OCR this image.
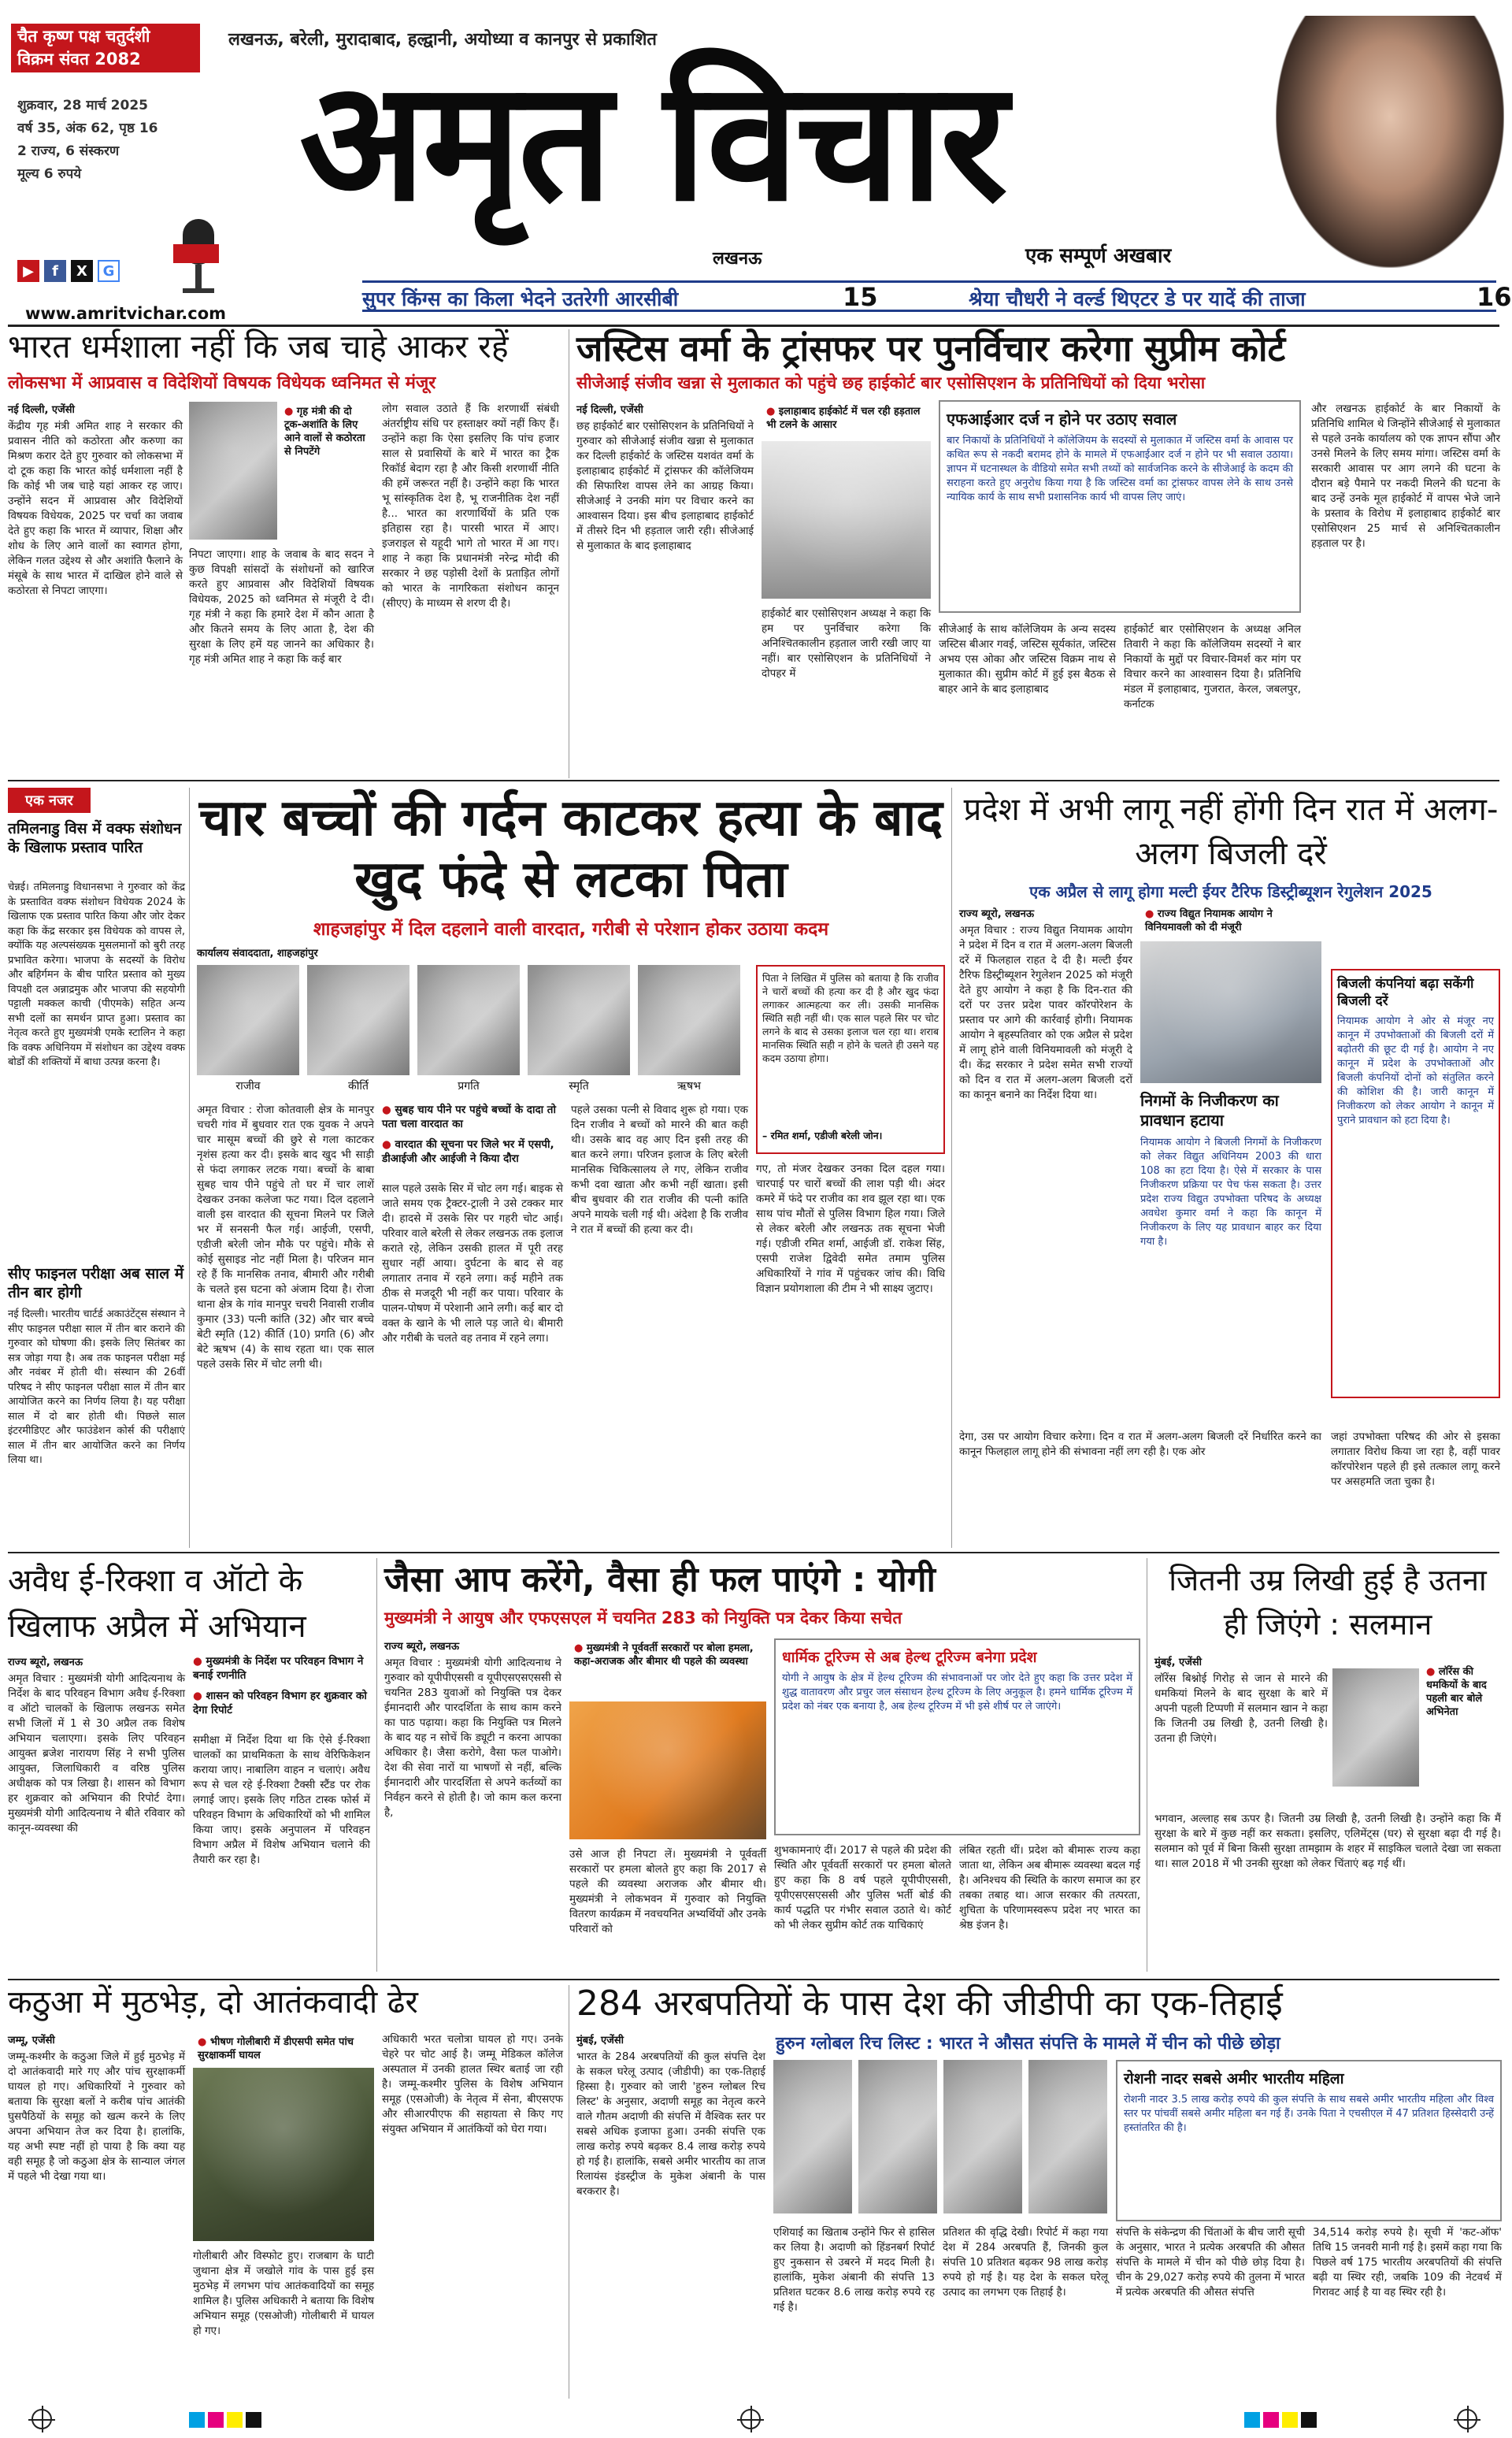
चैत कृष्ण पक्ष चतुर्दशी
विक्रम संवत 2082
शुक्रवार, 28 मार्च 2025
वर्ष 35, अंक 62, पृष्ठ 16
2 राज्य, 6 संस्करण
मूल्य 6 रुपये
▶	f	X	G
www.amritvichar.com
लखनऊ, बरेली, मुरादाबाद, हल्द्वानी, अयोध्या व कानपुर से प्रकाशित
अमृत विचार
लखनऊ	एक सम्पूर्ण अखबार
सुपर किंग्स का किला भेदने उतरेगी आरसीबी	15	श्रेया चौधरी ने वर्ल्ड थिएटर डे पर यादें की ताजा	16
भारत धर्मशाला नहीं कि जब चाहे आकर रहें
लोकसभा में आप्रवास व विदेशियों विषयक विधेयक ध्वनिमत से मंजूर
नई दिल्ली, एजेंसी
केंद्रीय गृह मंत्री अमित शाह ने सरकार की प्रवासन नीति को कठोरता और करुणा का मिश्रण करार देते हुए गुरुवार को लोकसभा में दो टूक कहा कि भारत कोई धर्मशाला नहीं है कि कोई भी जब चाहे यहां आकर रह जाए। उन्होंने सदन में आप्रवास और विदेशियों विषयक विधेयक, 2025 पर चर्चा का जवाब देते हुए कहा कि भारत में व्यापार, शिक्षा और शोध के लिए आने वालों का स्वागत होगा, लेकिन गलत उद्देश्य से और अशांति फैलाने के मंसूबे के साथ भारत में दाखिल होने वाले से कठोरता से निपटा जाएगा।
● गृह मंत्री की दो टूक-अशांति के लिए आने वालों से कठोरता से निपटेंगे
निपटा जाएगा। शाह के जवाब के बाद सदन ने कुछ विपक्षी सांसदों के संशोधनों को खारिज करते हुए आप्रवास और विदेशियों विषयक विधेयक, 2025 को ध्वनिमत से मंजूरी दे दी। गृह मंत्री ने कहा कि हमारे देश में कौन आता है और कितने समय के लिए आता है, देश की सुरक्षा के लिए हमें यह जानने का अधिकार है। गृह मंत्री अमित शाह ने कहा कि कई बार
लोग सवाल उठाते हैं कि शरणार्थी संबंधी अंतर्राष्ट्रीय संधि पर हस्ताक्षर क्यों नहीं किए हैं। उन्होंने कहा कि ऐसा इसलिए कि पांच हजार साल से प्रवासियों के बारे में भारत का ट्रैक रिकॉर्ड बेदाग रहा है और किसी शरणार्थी नीति की हमें जरूरत नहीं है। उन्होंने कहा कि भारत भू सांस्कृतिक देश है, भू राजनीतिक देश नहीं है... भारत का शरणार्थियों के प्रति एक इतिहास रहा है। पारसी भारत में आए। इजराइल से यहूदी भागे तो भारत में आ गए। शाह ने कहा कि प्रधानमंत्री नरेन्द्र मोदी की सरकार ने छह पड़ोसी देशों के प्रताड़ित लोगों को भारत के नागरिकता संशोधन कानून (सीएए) के माध्यम से शरण दी है।
जस्टिस वर्मा के ट्रांसफर पर पुनर्विचार करेगा सुप्रीम कोर्ट
सीजेआई संजीव खन्ना से मुलाकात को पहुंचे छह हाईकोर्ट बार एसोसिएशन के प्रतिनिधियों को दिया भरोसा
नई दिल्ली, एजेंसी
छह हाईकोर्ट बार एसोसिएशन के प्रतिनिधियों ने गुरुवार को सीजेआई संजीव खन्ना से मुलाकात कर दिल्ली हाईकोर्ट के जस्टिस यशवंत वर्मा के इलाहाबाद हाईकोर्ट में ट्रांसफर की कॉलेजियम की सिफारिश वापस लेने का आग्रह किया। सीजेआई ने उनकी मांग पर विचार करने का आश्वासन दिया। इस बीच इलाहाबाद हाईकोर्ट में तीसरे दिन भी हड़ताल जारी रही। सीजेआई से मुलाकात के बाद इलाहाबाद
● इलाहाबाद हाईकोर्ट में चल रही हड़ताल भी टलने के आसार
हाईकोर्ट बार एसोसिएशन अध्यक्ष ने कहा कि हम पर पुनर्विचार करेगा कि अनिश्चितकालीन हड़ताल जारी रखी जाए या नहीं। बार एसोसिएशन के प्रतिनिधियों ने दोपहर में
एफआईआर दर्ज न होने पर उठाए सवाल
बार निकायों के प्रतिनिधियों ने कॉलेजियम के सदस्यों से मुलाकात में जस्टिस वर्मा के आवास पर कथित रूप से नकदी बरामद होने के मामले में एफआईआर दर्ज न होने पर भी सवाल उठाया। ज्ञापन में घटनास्थल के वीडियो समेत सभी तथ्यों को सार्वजनिक करने के सीजेआई के कदम की सराहना करते हुए अनुरोध किया गया है कि जस्टिस वर्मा का ट्रांसफर वापस लेने के साथ उनसे न्यायिक कार्य के साथ सभी प्रशासनिक कार्य भी वापस लिए जाएं।
सीजेआई के साथ कॉलेजियम के अन्य सदस्य जस्टिस बीआर गवई, जस्टिस सूर्यकांत, जस्टिस अभय एस ओका और जस्टिस विक्रम नाथ से मुलाकात की। सुप्रीम कोर्ट में हुई इस बैठक से बाहर आने के बाद इलाहाबाद
हाईकोर्ट बार एसोसिएशन के अध्यक्ष अनिल तिवारी ने कहा कि कॉलेजियम सदस्यों ने बार निकायों के मुद्दों पर विचार-विमर्श कर मांग पर विचार करने का आश्वासन दिया है। प्रतिनिधि मंडल में इलाहाबाद, गुजरात, केरल, जबलपुर, कर्नाटक
और लखनऊ हाईकोर्ट के बार निकायों के प्रतिनिधि शामिल थे जिन्होंने सीजेआई से मुलाकात से पहले उनके कार्यालय को एक ज्ञापन सौंपा और उनसे मिलने के लिए समय मांगा। जस्टिस वर्मा के सरकारी आवास पर आग लगने की घटना के दौरान बड़े पैमाने पर नकदी मिलने की घटना के बाद उन्हें उनके मूल हाईकोर्ट में वापस भेजे जाने के प्रस्ताव के विरोध में इलाहाबाद हाईकोर्ट बार एसोसिएशन 25 मार्च से अनिश्चितकालीन हड़ताल पर है।
एक नजर
तमिलनाडु विस में वक्फ संशोधन के खिलाफ प्रस्ताव पारित
चेन्नई। तमिलनाडु विधानसभा ने गुरुवार को केंद्र के प्रस्तावित वक्फ संशोधन विधेयक 2024 के खिलाफ एक प्रस्ताव पारित किया और जोर देकर कहा कि केंद्र सरकार इस विधेयक को वापस ले, क्योंकि यह अल्पसंख्यक मुसलमानों को बुरी तरह प्रभावित करेगा। भाजपा के सदस्यों के विरोध और बहिर्गमन के बीच पारित प्रस्ताव को मुख्य विपक्षी दल अन्नाद्रमुक और भाजपा की सहयोगी पट्टाली मक्कल काची (पीएमके) सहित अन्य सभी दलों का समर्थन प्राप्त हुआ। प्रस्ताव का नेतृत्व करते हुए मुख्यमंत्री एमके स्टालिन ने कहा कि वक्फ अधिनियम में संशोधन का उद्देश्य वक्फ बोर्डों की शक्तियों में बाधा उत्पन्न करना है।
सीए फाइनल परीक्षा अब साल में तीन बार होगी
नई दिल्ली। भारतीय चार्टर्ड अकाउंटेंट्स संस्थान ने सीए फाइनल परीक्षा साल में तीन बार कराने की गुरुवार को घोषणा की। इसके लिए सितंबर का सत्र जोड़ा गया है। अब तक फाइनल परीक्षा मई और नवंबर में होती थी। संस्थान की 26वीं परिषद ने सीए फाइनल परीक्षा साल में तीन बार आयोजित करने का निर्णय लिया है। यह परीक्षा साल में दो बार होती थी। पिछले साल इंटरमीडिएट और फाउंडेशन कोर्स की परीक्षाएं साल में तीन बार आयोजित करने का निर्णय लिया था।
चार बच्चों की गर्दन काटकर हत्या के बाद खुद फंदे से लटका पिता
शाहजहांपुर में दिल दहलाने वाली वारदात, गरीबी से परेशान होकर उठाया कदम
कार्यालय संवाददाता, शाहजहांपुर
राजीव	कीर्ति	प्रगति	स्मृति	ऋषभ
पिता ने लिखित में पुलिस को बताया है कि राजीव ने चारों बच्चों की हत्या कर दी है और खुद फंदा लगाकर आत्महत्या कर ली। उसकी मानसिक स्थिति सही नहीं थी। एक साल पहले सिर पर चोट लगने के बाद से उसका इलाज चल रहा था। शराब मानसिक स्थिति सही न होने के चलते ही उसने यह कदम उठाया होगा।
– रमित शर्मा, एडीजी बरेली जोन।
अमृत विचार : रोजा कोतवाली क्षेत्र के मानपुर चचरी गांव में बुधवार रात एक युवक ने अपने चार मासूम बच्चों की छुरे से गला काटकर नृशंस हत्या कर दी। इसके बाद खुद भी साड़ी से फंदा लगाकर लटक गया। बच्चों के बाबा सुबह चाय पीने पहुंचे तो घर में चार लाशें देखकर उनका कलेजा फट गया। दिल दहलाने वाली इस वारदात की सूचना मिलने पर जिले भर में सनसनी फैल गई। आईजी, एसपी, एडीजी बरेली जोन मौके पर पहुंचे। मौके से कोई सुसाइड नोट नहीं मिला है। परिजन मान रहे हैं कि मानसिक तनाव, बीमारी और गरीबी के चलते इस घटना को अंजाम दिया है। रोजा थाना क्षेत्र के गांव मानपुर चचरी निवासी राजीव कुमार (33) पत्नी कांति (32) और चार बच्चे बेटी स्मृति (12) कीर्ति (10) प्रगति (6) और बेटे ऋषभ (4) के साथ रहता था। एक साल पहले उसके सिर में चोट लगी थी।
● सुबह चाय पीने पर पहुंचे बच्चों के दादा तो पता चला वारदात का
● वारदात की सूचना पर जिले भर में एसपी, डीआईजी और आईजी ने किया दौरा
साल पहले उसके सिर में चोट लग गई। बाइक से जाते समय एक ट्रैक्टर-ट्राली ने उसे टक्कर मार दी। हादसे में उसके सिर पर गहरी चोट आई। परिवार वाले बरेली से लेकर लखनऊ तक इलाज कराते रहे, लेकिन उसकी हालत में पूरी तरह सुधार नहीं आया। दुर्घटना के बाद से वह लगातार तनाव में रहने लगा। कई महीने तक ठीक से मजदूरी भी नहीं कर पाया। परिवार के पालन-पोषण में परेशानी आने लगी। कई बार दो वक्त के खाने के भी लाले पड़ जाते थे। बीमारी और गरीबी के चलते वह तनाव में रहने लगा।
पहले उसका पत्नी से विवाद शुरू हो गया। एक दिन राजीव ने बच्चों को मारने की बात कही थी। उसके बाद वह आए दिन इसी तरह की बात करने लगा। परिजन इलाज के लिए बरेली मानसिक चिकित्सालय ले गए, लेकिन राजीव कभी दवा खाता और कभी नहीं खाता। इसी बीच बुधवार की रात राजीव की पत्नी कांति अपने मायके चली गई थी। अंदेशा है कि राजीव ने रात में बच्चों की हत्या कर दी।
गए, तो मंजर देखकर उनका दिल दहल गया। चारपाई पर चारों बच्चों की लाश पड़ी थी। अंदर कमरे में फंदे पर राजीव का शव झूल रहा था। एक साथ पांच मौतों से पुलिस विभाग हिल गया। जिले से लेकर बरेली और लखनऊ तक सूचना भेजी गई। एडीजी रमित शर्मा, आईजी डॉ. राकेश सिंह, एसपी राजेश द्विवेदी समेत तमाम पुलिस अधिकारियों ने गांव में पहुंचकर जांच की। विधि विज्ञान प्रयोगशाला की टीम ने भी साक्ष्य जुटाए।
प्रदेश में अभी लागू नहीं होंगी दिन रात में अलग-अलग बिजली दरें
एक अप्रैल से लागू होगा मल्टी ईयर टैरिफ डिस्ट्रीब्यूशन रेगुलेशन 2025
राज्य ब्यूरो, लखनऊ
अमृत विचार : राज्य विद्युत नियामक आयोग ने प्रदेश में दिन व रात में अलग-अलग बिजली दरें में फिलहाल राहत दे दी है। मल्टी ईयर टैरिफ डिस्ट्रीब्यूशन रेगुलेशन 2025 को मंजूरी देते हुए आयोग ने कहा है कि दिन-रात की दरों पर उत्तर प्रदेश पावर कॉरपोरेशन के प्रस्ताव पर आगे की कार्रवाई होगी। नियामक आयोग ने बृहस्पतिवार को एक अप्रैल से प्रदेश में लागू होने वाली विनियमावली को मंजूरी दे दी। केंद्र सरकार ने प्रदेश समेत सभी राज्यों को दिन व रात में अलग-अलग बिजली दरों का कानून बनाने का निर्देश दिया था।
● राज्य विद्युत नियामक आयोग ने विनियमावली को दी मंजूरी
निगमों के निजीकरण का प्रावधान हटाया
नियामक आयोग ने बिजली निगमों के निजीकरण को लेकर विद्युत अधिनियम 2003 की धारा 108 का हटा दिया है। ऐसे में सरकार के पास निजीकरण प्रक्रिया पर पेच फंस सकता है। उत्तर प्रदेश राज्य विद्युत उपभोक्ता परिषद के अध्यक्ष अवधेश कुमार वर्मा ने कहा कि कानून में निजीकरण के लिए यह प्रावधान बाहर कर दिया गया है।
बिजली कंपनियां बढ़ा सकेंगी बिजली दरें
नियामक आयोग ने ओर से मंजूर नए कानून में उपभोक्ताओं की बिजली दरों में बढ़ोतरी की छूट दी गई है। आयोग ने नए कानून में प्रदेश के उपभोक्ताओं और बिजली कंपनियों दोनों को संतुलित करने की कोशिश की है। जारी कानून में निजीकरण को लेकर आयोग ने कानून में पुराने प्रावधान को हटा दिया है।
देगा, उस पर आयोग विचार करेगा। दिन व रात में अलग-अलग बिजली दरें निर्धारित करने का कानून फिलहाल लागू होने की संभावना नहीं लग रही है। एक ओर
जहां उपभोक्ता परिषद की ओर से इसका लगातार विरोध किया जा रहा है, वहीं पावर कॉरपोरेशन पहले ही इसे तत्काल लागू करने पर असहमति जता चुका है।
अवैध ई-रिक्शा व ऑटो के खिलाफ अप्रैल में अभियान
राज्य ब्यूरो, लखनऊ
अमृत विचार : मुख्यमंत्री योगी आदित्यनाथ के निर्देश के बाद परिवहन विभाग अवैध ई-रिक्शा व ऑटो चालकों के खिलाफ लखनऊ समेत सभी जिलों में 1 से 30 अप्रैल तक विशेष अभियान चलाएगा। इसके लिए परिवहन आयुक्त ब्रजेश नारायण सिंह ने सभी पुलिस आयुक्त, जिलाधिकारी व वरिष्ठ पुलिस अधीक्षक को पत्र लिखा है। शासन को विभाग हर शुक्रवार को अभियान की रिपोर्ट देगा। मुख्यमंत्री योगी आदित्यनाथ ने बीते रविवार को कानून-व्यवस्था की
● मुख्यमंत्री के निर्देश पर परिवहन विभाग ने बनाई रणनीति
● शासन को परिवहन विभाग हर शुक्रवार को देगा रिपोर्ट
समीक्षा में निर्देश दिया था कि ऐसे ई-रिक्शा चालकों का प्राथमिकता के साथ वेरिफिकेशन कराया जाए। नाबालिग वाहन न चलाएं। अवैध रूप से चल रहे ई-रिक्शा टैक्सी स्टैंड पर रोक लगाई जाए। इसके लिए गठित टास्क फोर्स में परिवहन विभाग के अधिकारियों को भी शामिल किया जाए। इसके अनुपालन में परिवहन विभाग अप्रैल में विशेष अभियान चलाने की तैयारी कर रहा है।
जैसा आप करेंगे, वैसा ही फल पाएंगे : योगी
मुख्यमंत्री ने आयुष और एफएसएल में चयनित 283 को नियुक्ति पत्र देकर किया सचेत
राज्य ब्यूरो, लखनऊ
अमृत विचार : मुख्यमंत्री योगी आदित्यनाथ ने गुरुवार को यूपीपीएससी व यूपीएसएसएससी से चयनित 283 युवाओं को नियुक्ति पत्र देकर ईमानदारी और पारदर्शिता के साथ काम करने का पाठ पढ़ाया। कहा कि नियुक्ति पत्र मिलने के बाद यह न सोचें कि ड्यूटी न करना आपका अधिकार है। जैसा करोगे, वैसा फल पाओगे। देश की सेवा नारों या भाषणों से नहीं, बल्कि ईमानदारी और पारदर्शिता से अपने कर्तव्यों का निर्वहन करने से होती है। जो काम कल करना है,
● मुख्यमंत्री ने पूर्ववर्ती सरकारों पर बोला हमला, कहा-अराजक और बीमार थी पहले की व्यवस्था
उसे आज ही निपटा लें। मुख्यमंत्री ने पूर्ववर्ती सरकारों पर हमला बोलते हुए कहा कि 2017 से पहले की व्यवस्था अराजक और बीमार थी। मुख्यमंत्री ने लोकभवन में गुरुवार को नियुक्ति वितरण कार्यक्रम में नवचयनित अभ्यर्थियों और उनके परिवारों को
धार्मिक टूरिज्म से अब हेल्थ टूरिज्म बनेगा प्रदेश
योगी ने आयुष के क्षेत्र में हेल्थ टूरिज्म की संभावनाओं पर जोर देते हुए कहा कि उत्तर प्रदेश में शुद्ध वातावरण और प्रचुर जल संसाधन हेल्थ टूरिज्म के लिए अनुकूल है। हमने धार्मिक टूरिज्म में प्रदेश को नंबर एक बनाया है, अब हेल्थ टूरिज्म में भी इसे शीर्ष पर ले जाएंगे।
शुभकामनाएं दीं। 2017 से पहले की प्रदेश की स्थिति और पूर्ववर्ती सरकारों पर हमला बोलते हुए कहा कि 8 वर्ष पहले यूपीपीएससी, यूपीएसएसएससी और पुलिस भर्ती बोर्ड की कार्य पद्धति पर गंभीर सवाल उठाते थे। कोर्ट को भी लेकर सुप्रीम कोर्ट तक याचिकाएं
लंबित रहती थीं। प्रदेश को बीमारू राज्य कहा जाता था, लेकिन अब बीमारू व्यवस्था बदल गई है। अनिश्चय की स्थिति के कारण समाज का हर तबका तबाह था। आज सरकार की तत्परता, शुचिता के परिणामस्वरूप प्रदेश नए भारत का श्रेष्ठ इंजन है।
जितनी उम्र लिखी हुई है उतना ही जिएंगे : सलमान
मुंबई, एजेंसी
लॉरेंस बिश्नोई गिरोह से जान से मारने की धमकियां मिलने के बाद सुरक्षा के बारे में अपनी पहली टिप्पणी में सलमान खान ने कहा कि जितनी उम्र लिखी है, उतनी लिखी है। उतना ही जिएंगे।
● लॉरेंस की धमकियों के बाद पहली बार बोले अभिनेता
भगवान, अल्लाह सब ऊपर है। जितनी उम्र लिखी है, उतनी लिखी है। उन्होंने कहा कि मैं सुरक्षा के बारे में कुछ नहीं कर सकता। इसलिए, एलिमेंट्स (घर) से सुरक्षा बढ़ा दी गई है। सलमान को पूर्व में बिना किसी सुरक्षा तामझाम के शहर में साइकिल चलाते देखा जा सकता था। साल 2018 में भी उनकी सुरक्षा को लेकर चिंताएं बढ़ गई थीं।
कठुआ में मुठभेड़, दो आतंकवादी ढेर
जम्मू, एजेंसी
जम्मू-कश्मीर के कठुआ जिले में हुई मुठभेड़ में दो आतंकवादी मारे गए और पांच सुरक्षाकर्मी घायल हो गए। अधिकारियों ने गुरुवार को बताया कि सुरक्षा बलों ने करीब पांच आतंकी घुसपैठियों के समूह को खत्म करने के लिए अपना अभियान तेज कर दिया है। हालांकि, यह अभी स्पष्ट नहीं हो पाया है कि क्या यह वही समूह है जो कठुआ क्षेत्र के सान्याल जंगल में पहले भी देखा गया था।
● भीषण गोलीबारी में डीएसपी समेत पांच सुरक्षाकर्मी घायल
गोलीबारी और विस्फोट हुए। राजबाग के घाटी जुथाना क्षेत्र में जखोले गांव के पास हुई इस मुठभेड़ में लगभग पांच आतंकवादियों का समूह शामिल है। पुलिस अधिकारी ने बताया कि विशेष अभियान समूह (एसओजी) गोलीबारी में घायल हो गए।
अधिकारी भरत चलोत्रा घायल हो गए। उनके चेहरे पर चोट आई है। जम्मू मेडिकल कॉलेज अस्पताल में उनकी हालत स्थिर बताई जा रही है। जम्मू-कश्मीर पुलिस के विशेष अभियान समूह (एसओजी) के नेतृत्व में सेना, बीएसएफ और सीआरपीएफ की सहायता से किए गए संयुक्त अभियान में आतंकियों को घेरा गया।
284 अरबपतियों के पास देश की जीडीपी का एक-तिहाई
हुरुन ग्लोबल रिच लिस्ट : भारत ने औसत संपत्ति के मामले में चीन को पीछे छोड़ा
मुंबई, एजेंसी
भारत के 284 अरबपतियों की कुल संपत्ति देश के सकल घरेलू उत्पाद (जीडीपी) का एक-तिहाई हिस्सा है। गुरुवार को जारी 'हुरुन ग्लोबल रिच लिस्ट' के अनुसार, अदाणी समूह का नेतृत्व करने वाले गौतम अदाणी की संपत्ति में वैश्विक स्तर पर सबसे अधिक इजाफा हुआ। उनकी संपत्ति एक लाख करोड़ रुपये बढ़कर 8.4 लाख करोड़ रुपये हो गई है। हालांकि, सबसे अमीर भारतीय का ताज रिलायंस इंडस्ट्रीज के मुकेश अंबानी के पास बरकरार है।
एशियाई का खिताब उन्होंने फिर से हासिल कर लिया है। अदाणी को हिंडनबर्ग रिपोर्ट हुए नुकसान से उबरने में मदद मिली है। हालांकि, मुकेश अंबानी की संपत्ति 13 प्रतिशत घटकर 8.6 लाख करोड़ रुपये रह गई है।
प्रतिशत की वृद्धि देखी। रिपोर्ट में कहा गया देश में 284 अरबपति हैं, जिनकी कुल संपत्ति 10 प्रतिशत बढ़कर 98 लाख करोड़ रुपये हो गई है। यह देश के सकल घरेलू उत्पाद का लगभग एक तिहाई है।
रोशनी नादर सबसे अमीर भारतीय महिला
रोशनी नादर 3.5 लाख करोड़ रुपये की कुल संपत्ति के साथ सबसे अमीर भारतीय महिला और विश्व स्तर पर पांचवीं सबसे अमीर महिला बन गई हैं। उनके पिता ने एचसीएल में 47 प्रतिशत हिस्सेदारी उन्हें हस्तांतरित की है।
संपत्ति के संकेन्द्रण की चिंताओं के बीच जारी सूची के अनुसार, भारत ने प्रत्येक अरबपति की औसत संपत्ति के मामले में चीन को पीछे छोड़ दिया है। चीन के 29,027 करोड़ रुपये की तुलना में भारत में प्रत्येक अरबपति की औसत संपत्ति
34,514 करोड़ रुपये है। सूची में 'कट-ऑफ' तिथि 15 जनवरी मानी गई है। इसमें कहा गया कि पिछले वर्ष 175 भारतीय अरबपतियों की संपत्ति बढ़ी या स्थिर रही, जबकि 109 की नेटवर्थ में गिरावट आई है या वह स्थिर रही है।
